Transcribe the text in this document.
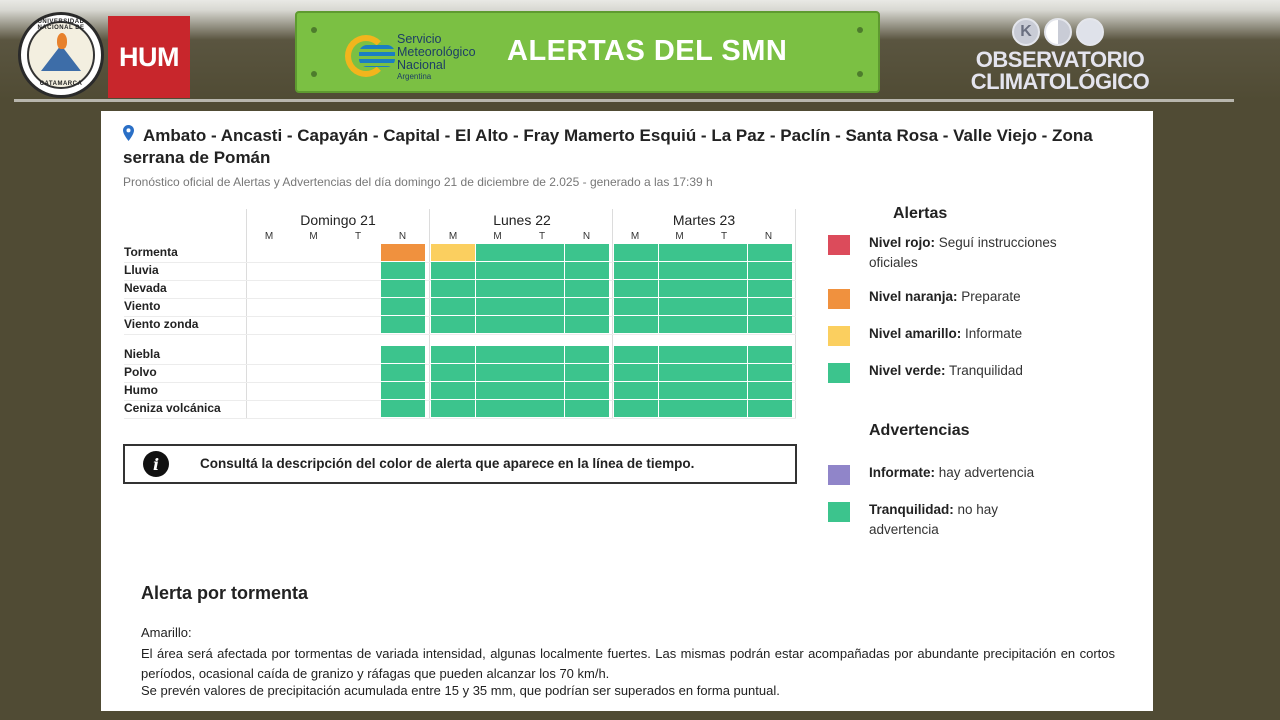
UNIVERSIDAD NACIONAL DE
CATAMARCA
HUM
Servicio
Meteorológico
Nacional
Argentina
ALERTAS DEL SMN
K
OBSERVATORIO
CLIMATOLÓGICO
Ambato - Ancasti - Capayán - Capital - El Alto - Fray Mamerto Esquiú - La Paz - Paclín - Santa Rosa - Valle Viejo - Zona serrana de Pomán
Pronóstico oficial de Alertas y Advertencias del día domingo 21 de diciembre de 2.025 - generado a las 17:39 h
Domingo 21
M	M	T	N
Lunes 22
M	M	T	N
Martes 23
M	M	T	N
Tormenta
Lluvia
Nevada
Viento
Viento zonda
Niebla
Polvo
Humo
Ceniza volcánica
i	Consultá la descripción del color de alerta que aparece en la línea de tiempo.
Alertas
Advertencias
Alerta por tormenta
Amarillo:
El área será afectada por tormentas de variada intensidad, algunas localmente fuertes. Las mismas podrán estar acompañadas por abundante precipitación en cortos períodos, ocasional caída de granizo y ráfagas que pueden alcanzar los 70 km/h.
Se prevén valores de precipitación acumulada entre 15 y 35 mm, que podrían ser superados en forma puntual.
Nivel rojo: Seguí instrucciones oficiales
Nivel naranja: Preparate
Nivel amarillo: Informate
Nivel verde: Tranquilidad
Informate: hay advertencia
Tranquilidad: no hay advertencia
